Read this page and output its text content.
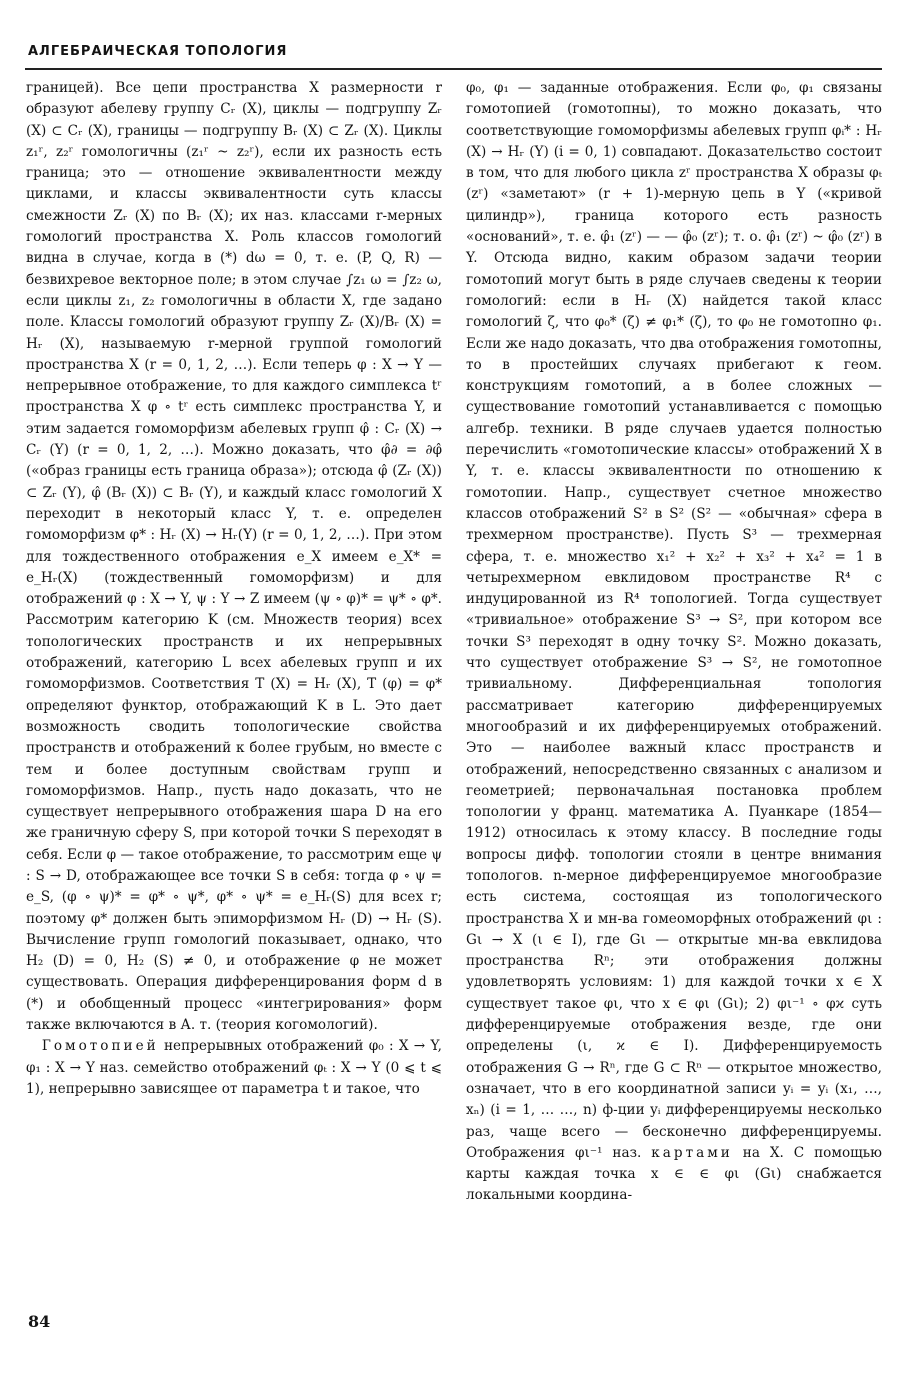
АЛГЕБРАИЧЕСКАЯ ТОПОЛОГИЯ

границей). Все цепи пространства X размерности r образуют абелеву группу Cᵣ (X), циклы — подгруппу Zᵣ (X) ⊂ Cᵣ (X), границы — подгруппу Bᵣ (X) ⊂ Zᵣ (X). Циклы z₁ʳ, z₂ʳ гомологичны (z₁ʳ ~ z₂ʳ), если их разность есть граница; это — отношение эквивалентности между циклами, и классы эквивалентности суть классы смежности Zᵣ (X) по Bᵣ (X); их наз. классами r-мерных гомологий пространства X. Роль классов гомологий видна в случае, когда в (*) dω = 0, т. е. (P, Q, R) — безвихревое векторное поле; в этом случае ∫z₁ ω = ∫z₂ ω, если циклы z₁, z₂ гомологичны в области X, где задано поле. Классы гомологий образуют группу Zᵣ (X)/Bᵣ (X) = Hᵣ (X), называемую r-мерной группой гомологий пространства X (r = 0, 1, 2, …). Если теперь φ : X → Y — непрерывное отображение, то для каждого симплекса tʳ пространства X φ ∘ tʳ есть симплекс пространства Y, и этим задается гомоморфизм абелевых групп φ̂ : Cᵣ (X) → Cᵣ (Y) (r = 0, 1, 2, …). Можно доказать, что φ̂∂ = ∂φ̂ («образ границы есть граница образа»); отсюда φ̂ (Zᵣ (X)) ⊂ Zᵣ (Y), φ̂ (Bᵣ (X)) ⊂ Bᵣ (Y), и каждый класс гомологий X переходит в некоторый класс Y, т. е. определен гомоморфизм φ* : Hᵣ (X) → Hᵣ(Y) (r = 0, 1, 2, …). При этом для тождественного отображения e_X имеем e_X* = e_Hᵣ(X) (тождественный гомоморфизм) и для отображений φ : X → Y, ψ : Y → Z имеем (ψ ∘ φ)* = ψ* ∘ φ*. Рассмотрим категорию K (см. Множеств теория) всех топологических пространств и их непрерывных отображений, категорию L всех абелевых групп и их гомоморфизмов. Соответствия T (X) = Hᵣ (X), T (φ) = φ* определяют функтор, отображающий K в L. Это дает возможность сводить топологические свойства пространств и отображений к более грубым, но вместе с тем и более доступным свойствам групп и гомоморфизмов. Напр., пусть надо доказать, что не существует непрерывного отображения шара D на его же граничную сферу S, при которой точки S переходят в себя. Если φ — такое отображение, то рассмотрим еще ψ : S → D, отображающее все точки S в себя: тогда φ ∘ ψ = e_S, (φ ∘ ψ)* = φ* ∘ ψ*, φ* ∘ ψ* = e_Hᵣ(S) для всех r; поэтому φ* должен быть эпиморфизмом Hᵣ (D) → Hᵣ (S). Вычисление групп гомологий показывает, однако, что H₂ (D) = 0, H₂ (S) ≠ 0, и отображение φ не может существовать. Операция дифференцирования форм d в (*) и обобщенный процесс «интегрирования» форм также включаются в А. т. (теория когомологий).

Гомотопией непрерывных отображений φ₀ : X → Y, φ₁ : X → Y наз. семейство отображений φₜ : X → Y (0 ⩽ t ⩽ 1), непрерывно зависящее от параметра t и такое, что

φ₀, φ₁ — заданные отображения. Если φ₀, φ₁ связаны гомотопией (гомотопны), то можно доказать, что соответствующие гомоморфизмы абелевых групп φᵢ* : Hᵣ (X) → Hᵣ (Y) (i = 0, 1) совпадают. Доказательство состоит в том, что для любого цикла zʳ пространства X образы φₜ (zʳ) «заметают» (r + 1)-мерную цепь в Y («кривой цилиндр»), граница которого есть разность «оснований», т. е. φ̂₁ (zʳ) — — φ̂₀ (zʳ); т. о. φ̂₁ (zʳ) ~ φ̂₀ (zʳ) в Y. Отсюда видно, каким образом задачи теории гомотопий могут быть в ряде случаев сведены к теории гомологий: если в Hᵣ (X) найдется такой класс гомологий ζ, что φ₀* (ζ) ≠ φ₁* (ζ), то φ₀ не гомотопно φ₁. Если же надо доказать, что два отображения гомотопны, то в простейших случаях прибегают к геом. конструкциям гомотопий, а в более сложных — существование гомотопий устанавливается с помощью алгебр. техники. В ряде случаев удается полностью перечислить «гомотопические классы» отображений X в Y, т. е. классы эквивалентности по отношению к гомотопии. Напр., существует счетное множество классов отображений S² в S² (S² — «обычная» сфера в трехмерном пространстве). Пусть S³ — трехмерная сфера, т. е. множество x₁² + x₂² + x₃² + x₄² = 1 в четырехмерном евклидовом пространстве R⁴ с индуцированной из R⁴ топологией. Тогда существует «тривиальное» отображение S³ → S², при котором все точки S³ переходят в одну точку S². Можно доказать, что существует отображение S³ → S², не гомотопное тривиальному. Дифференциальная топология рассматривает категорию дифференцируемых многообразий и их дифференцируемых отображений. Это — наиболее важный класс пространств и отображений, непосредственно связанных с анализом и геометрией; первоначальная постановка проблем топологии у франц. математика А. Пуанкаре (1854—1912) относилась к этому классу. В последние годы вопросы дифф. топологии стояли в центре внимания топологов. n-мерное дифференцируемое многообразие есть система, состоящая из топологического пространства X и мн-ва гомеоморфных отображений φι : Gι → X (ι ∈ I), где Gι — открытые мн-ва евклидова пространства Rⁿ; эти отображения должны удовлетворять условиям: 1) для каждой точки x ∈ X существует такое φι, что x ∈ φι (Gι); 2) φι⁻¹ ∘ φϰ суть дифференцируемые отображения везде, где они определены (ι, ϰ ∈ I). Дифференцируемость отображения G → Rⁿ, где G ⊂ Rⁿ — открытое множество, означает, что в его координатной записи yᵢ = yᵢ (x₁, …, xₙ) (i = 1, … …, n) ф-ции yᵢ дифференцируемы несколько раз, чаще всего — бесконечно дифференцируемы. Отображения φι⁻¹ наз. картами на X. С помощью карты каждая точка x ∈ ∈ φι (Gι) снабжается локальными координа-

84
